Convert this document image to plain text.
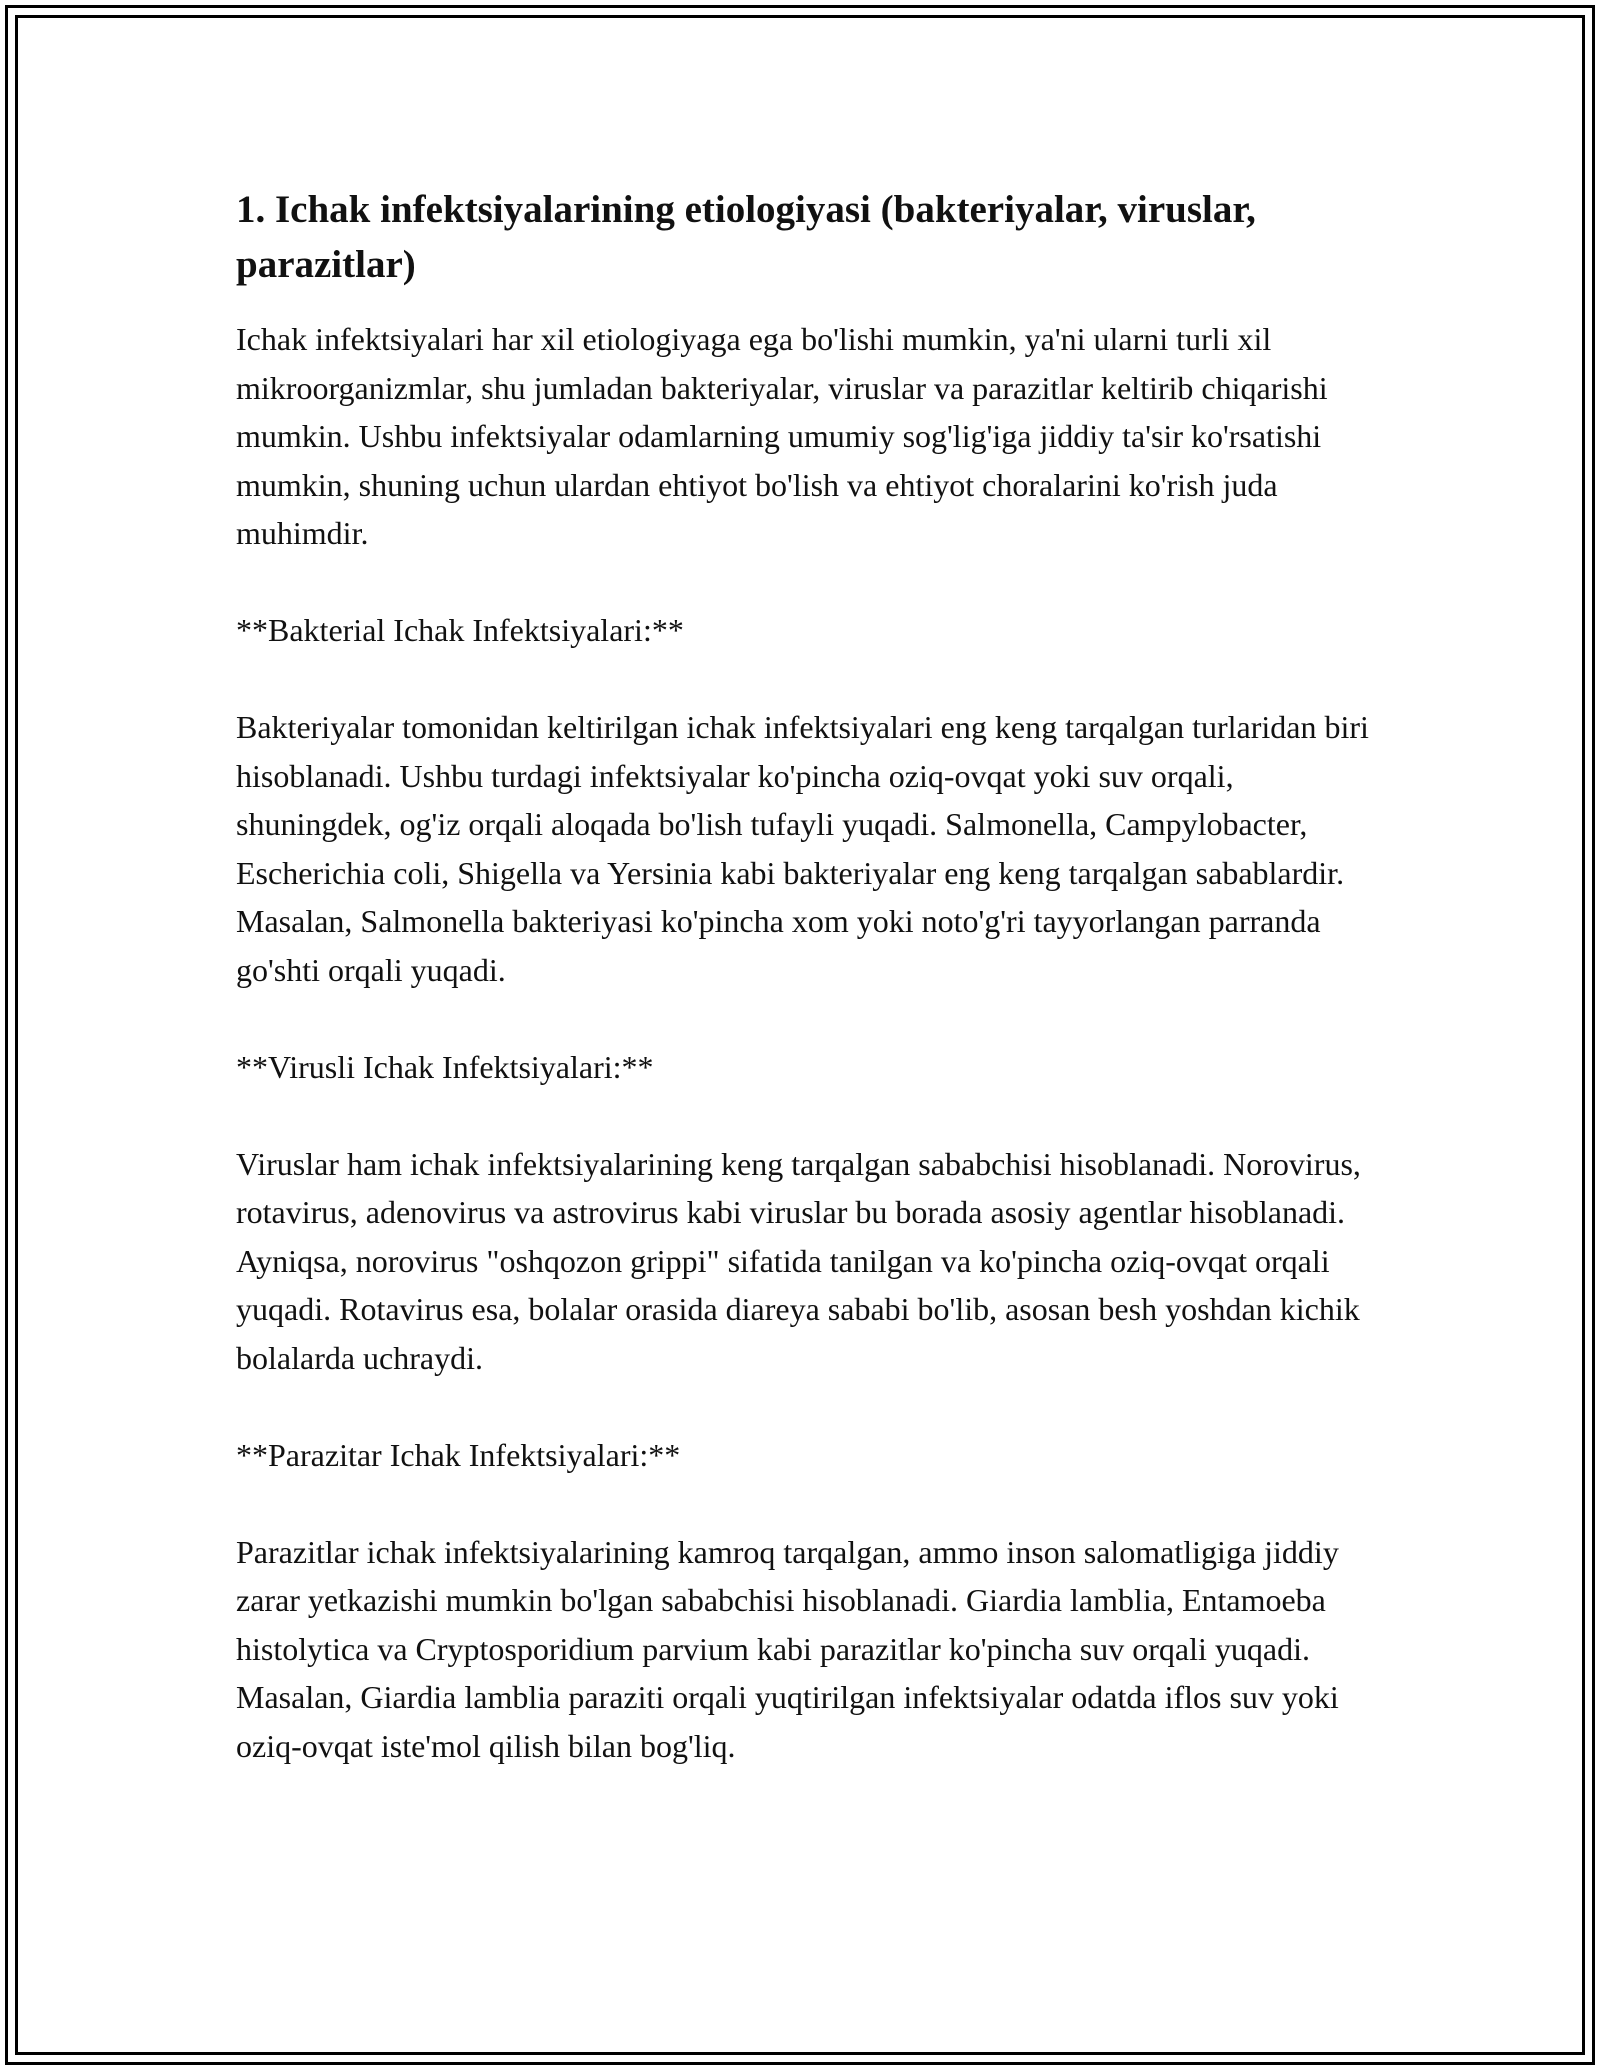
1. Ichak infektsiyalarining etiologiyasi (bakteriyalar, viruslar, parazitlar)

Ichak infektsiyalari har xil etiologiyaga ega bo'lishi mumkin, ya'ni ularni turli xil mikroorganizmlar, shu jumladan bakteriyalar, viruslar va parazitlar keltirib chiqarishi mumkin. Ushbu infektsiyalar odamlarning umumiy sog'lig'iga jiddiy ta'sir ko'rsatishi mumkin, shuning uchun ulardan ehtiyot bo'lish va ehtiyot choralarini ko'rish juda muhimdir.

**Bakterial Ichak Infektsiyalari:**

Bakteriyalar tomonidan keltirilgan ichak infektsiyalari eng keng tarqalgan turlaridan biri hisoblanadi. Ushbu turdagi infektsiyalar ko'pincha oziq-ovqat yoki suv orqali, shuningdek, og'iz orqali aloqada bo'lish tufayli yuqadi. Salmonella, Campylobacter, Escherichia coli, Shigella va Yersinia kabi bakteriyalar eng keng tarqalgan sabablardir. Masalan, Salmonella bakteriyasi ko'pincha xom yoki noto'g'ri tayyorlangan parranda go'shti orqali yuqadi.

**Virusli Ichak Infektsiyalari:**

Viruslar ham ichak infektsiyalarining keng tarqalgan sababchisi hisoblanadi. Norovirus, rotavirus, adenovirus va astrovirus kabi viruslar bu borada asosiy agentlar hisoblanadi. Ayniqsa, norovirus "oshqozon grippi" sifatida tanilgan va ko'pincha oziq-ovqat orqali yuqadi. Rotavirus esa, bolalar orasida diareya sababi bo'lib, asosan besh yoshdan kichik bolalarda uchraydi.

**Parazitar Ichak Infektsiyalari:**

Parazitlar ichak infektsiyalarining kamroq tarqalgan, ammo inson salomatligiga jiddiy zarar yetkazishi mumkin bo'lgan sababchisi hisoblanadi. Giardia lamblia, Entamoeba histolytica va Cryptosporidium parvium kabi parazitlar ko'pincha suv orqali yuqadi. Masalan, Giardia lamblia paraziti orqali yuqtirilgan infektsiyalar odatda iflos suv yoki oziq-ovqat iste'mol qilish bilan bog'liq.
